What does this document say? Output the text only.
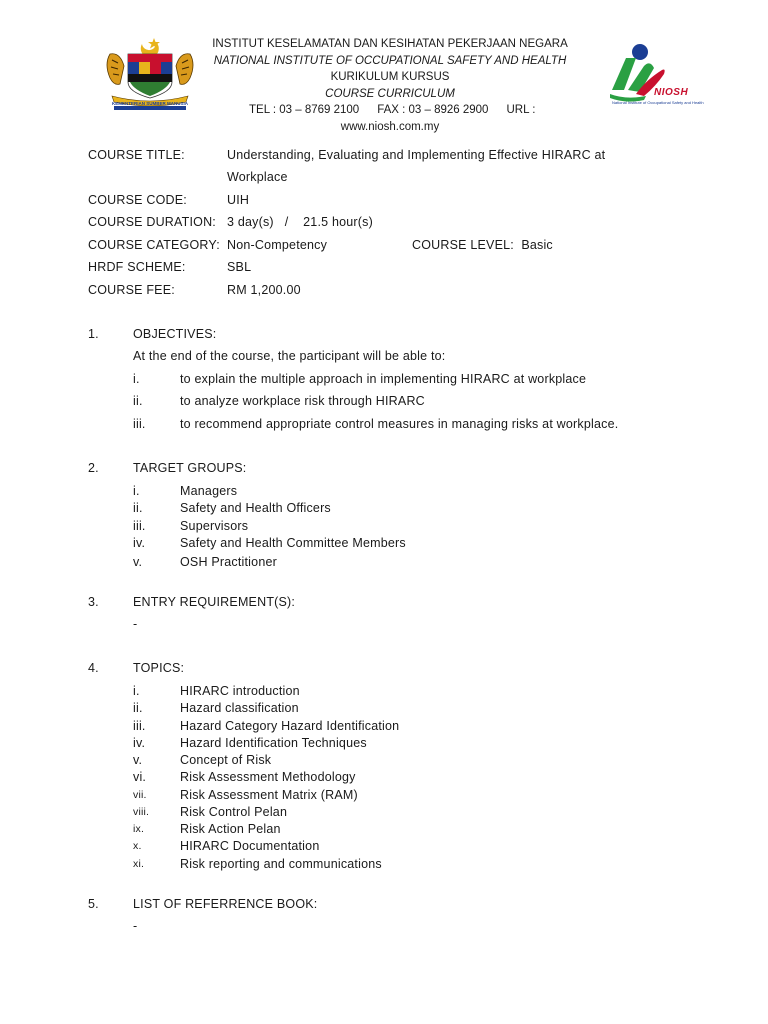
KEMENTERIAN SUMBER MANUSIA
NIOSH
National Institute of Occupational Safety and Health
INSTITUT KESELAMATAN DAN KESIHATAN PEKERJAAN NEGARA
NATIONAL INSTITUTE OF OCCUPATIONAL SAFETY AND HEALTH
KURIKULUM KURSUS
COURSE CURRICULUM
TEL : 03 – 8769 2100 FAX : 03 – 8926 2900 URL :
www.niosh.com.my
COURSE TITLE:	Understanding, Evaluating and Implementing Effective HIRARC at
Workplace
COURSE CODE:	UIH
COURSE DURATION: 3 day(s)   /    21.5 hour(s)
COURSE CATEGORY: Non-Competency	COURSE LEVEL: Basic
HRDF SCHEME:	SBL
COURSE FEE:	RM 1,200.00
1.	OBJECTIVES:
At the end of the course, the participant will be able to:
i.	to explain the multiple approach in implementing HIRARC at workplace
ii.	to analyze workplace risk through HIRARC
iii.	to recommend appropriate control measures in managing risks at workplace.
2.	TARGET GROUPS:
i.	Managers
ii.	Safety and Health Officers
iii.	Supervisors
iv.	Safety and Health Committee Members
v.	OSH Practitioner
3.	ENTRY REQUIREMENT(S):
-
4.	TOPICS:
i.	HIRARC introduction
ii.	Hazard classification
iii.	Hazard Category Hazard Identification
iv.	Hazard Identification Techniques
v.	Concept of Risk
vi.	Risk Assessment Methodology
vii.	Risk Assessment Matrix (RAM)
viii. Risk Control Pelan
ix.	Risk Action Pelan
x.	HIRARC Documentation
xi.	Risk reporting and communications
5.	LIST OF REFERRENCE BOOK:
-
